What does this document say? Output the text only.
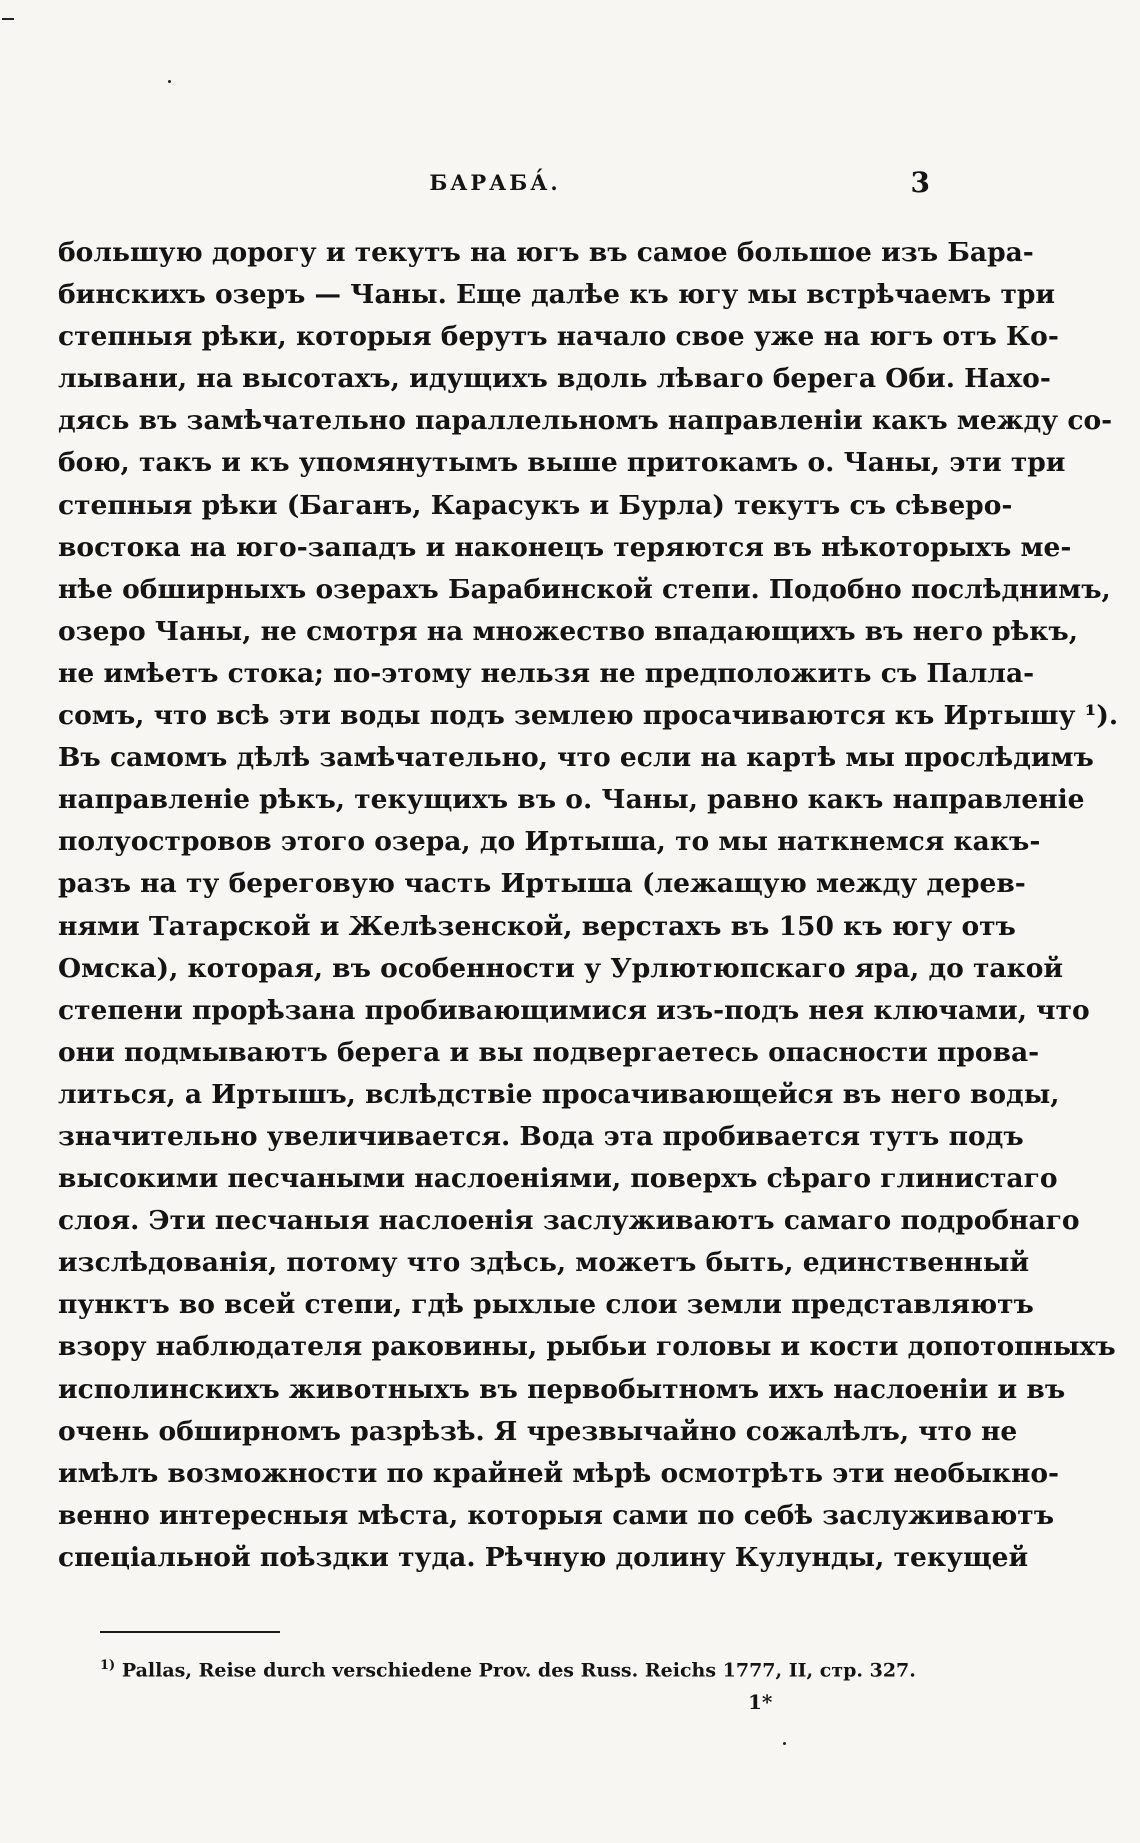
БАРАБА́.	3
большую дорогу и текутъ на югъ въ самое большое изъ Бара-
бинскихъ озеръ — Чаны. Еще далѣе къ югу мы встрѣчаемъ три
степныя рѣки, которыя берутъ начало свое уже на югъ отъ Ко-
лывани, на высотахъ, идущихъ вдоль лѣваго берега Оби. Нахо-
дясь въ замѣчательно параллельномъ направленіи какъ между со-
бою, такъ и къ упомянутымъ выше притокамъ о. Чаны, эти три
степныя рѣки (Баганъ, Карасукъ и Бурла) текутъ съ сѣверо-
востока на юго-западъ и наконецъ теряются въ нѣкоторыхъ ме-
нѣе обширныхъ озерахъ Барабинской степи. Подобно послѣднимъ,
озеро Чаны, не смотря на множество впадающихъ въ него рѣкъ,
не имѣетъ стока; по-этому нельзя не предположить съ Палла-
сомъ, что всѣ эти воды подъ землею просачиваются къ Иртышу ¹).
Въ самомъ дѣлѣ замѣчательно, что если на картѣ мы прослѣдимъ
направленіе рѣкъ, текущихъ въ о. Чаны, равно какъ направленіе
полуостровов этого озера, до Иртыша, то мы наткнемся какъ-
разъ на ту береговую часть Иртыша (лежащую между дерев-
нями Татарской и Желѣзенской, верстахъ въ 150 къ югу отъ
Омска), которая, въ особенности у Урлютюпскаго яра, до такой
степени прорѣзана пробивающимися изъ-подъ нея ключами, что
они подмываютъ берега и вы подвергаетесь опасности прова-
литься, а Иртышъ, вслѣдствіе просачивающейся въ него воды,
значительно увеличивается. Вода эта пробивается тутъ подъ
высокими песчаными наслоеніями, поверхъ сѣраго глинистаго
слоя. Эти песчаныя наслоенія заслуживаютъ самаго подробнаго
изслѣдованія, потому что здѣсь, можетъ быть, единственный
пунктъ во всей степи, гдѣ рыхлые слои земли представляютъ
взору наблюдателя раковины, рыбьи головы и кости допотопныхъ
исполинскихъ животныхъ въ первобытномъ ихъ наслоеніи и въ
очень обширномъ разрѣзѣ. Я чрезвычайно сожалѣлъ, что не
имѣлъ возможности по крайней мѣрѣ осмотрѣть эти необыкно-
венно интересныя мѣста, которыя сами по себѣ заслуживаютъ
спеціальной поѣздки туда. Рѣчную долину Кулунды, текущей
$^{1)}$ Pallas, Reise durch verschiedene Prov. des Russ. Reichs 1777, II, стр. 327.
1*
